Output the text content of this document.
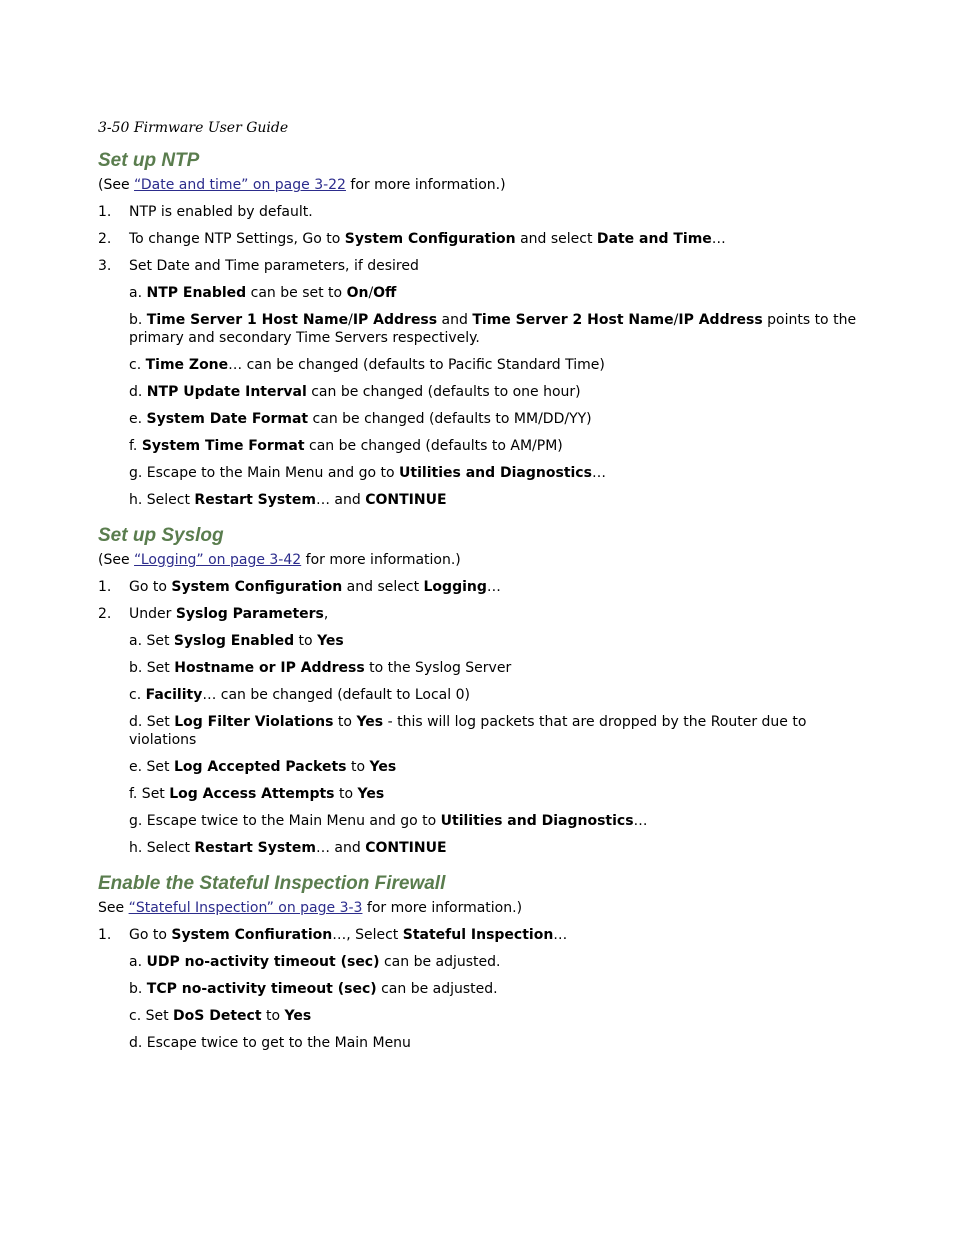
3-50 Firmware User Guide
Set up NTP
(See “Date and time” on page 3-22 for more information.)
1. NTP is enabled by default.
2. To change NTP Settings, Go to System Configuration and select Date and Time…
3. Set Date and Time parameters, if desired
a. NTP Enabled can be set to On/Off
b. Time Server 1 Host Name/IP Address and Time Server 2 Host Name/IP Address points to the primary and secondary Time Servers respectively.
c. Time Zone… can be changed (defaults to Pacific Standard Time)
d. NTP Update Interval can be changed (defaults to one hour)
e. System Date Format can be changed (defaults to MM/DD/YY)
f. System Time Format can be changed (defaults to AM/PM)
g. Escape to the Main Menu and go to Utilities and Diagnostics…
h. Select Restart System… and CONTINUE
Set up Syslog
(See “Logging” on page 3-42 for more information.)
1. Go to System Configuration and select Logging…
2. Under Syslog Parameters,
a. Set Syslog Enabled to Yes
b. Set Hostname or IP Address to the Syslog Server
c. Facility… can be changed (default to Local 0)
d. Set Log Filter Violations to Yes - this will log packets that are dropped by the Router due to violations
e. Set Log Accepted Packets to Yes
f. Set Log Access Attempts to Yes
g. Escape twice to the Main Menu and go to Utilities and Diagnostics…
h. Select Restart System… and CONTINUE
Enable the Stateful Inspection Firewall
See “Stateful Inspection” on page 3-3 for more information.)
1. Go to System Confiuration…, Select Stateful Inspection…
a. UDP no-activity timeout (sec) can be adjusted.
b. TCP no-activity timeout (sec) can be adjusted.
c. Set DoS Detect to Yes
d. Escape twice to get to the Main Menu
